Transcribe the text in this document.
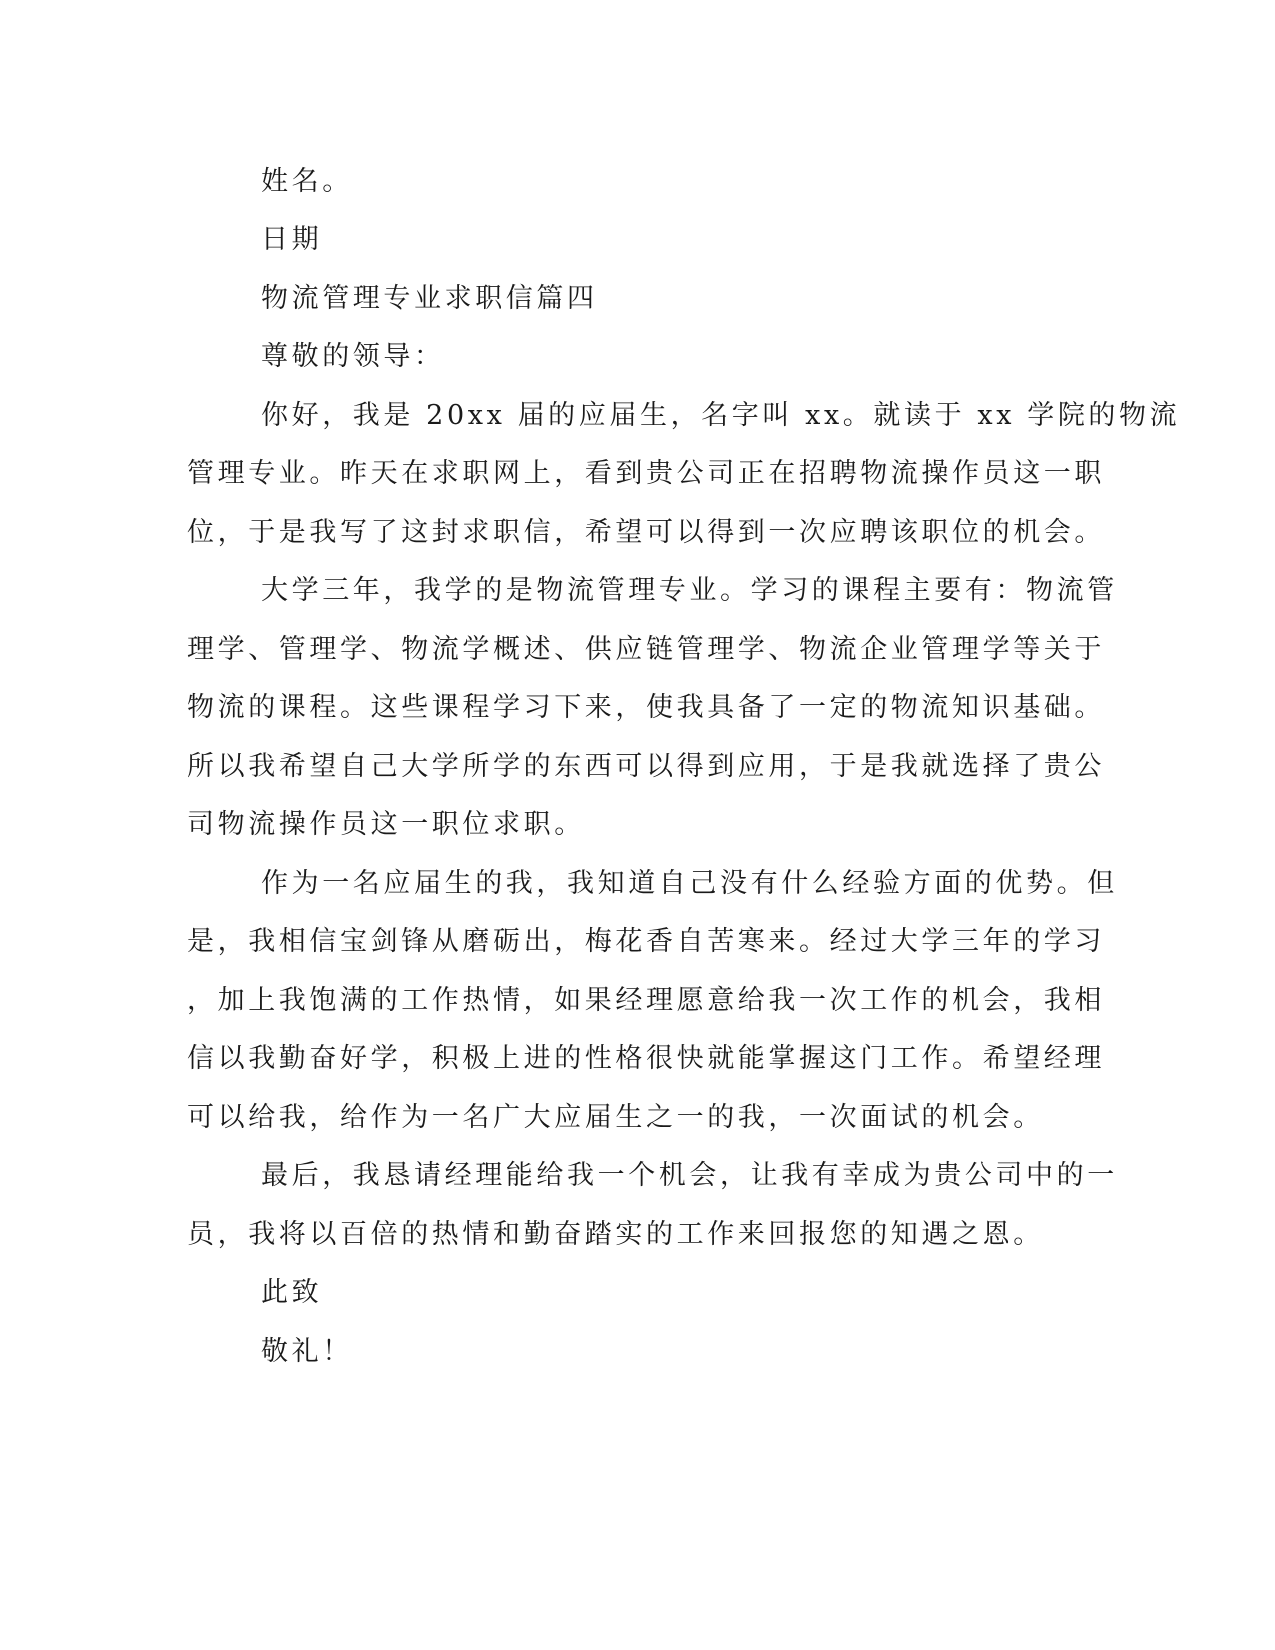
姓名。
日期
物流管理专业求职信篇四
尊敬的领导：
你好，我是 20xx 届的应届生，名字叫 xx。就读于 xx 学院的物流
管理专业。昨天在求职网上，看到贵公司正在招聘物流操作员这一职
位，于是我写了这封求职信，希望可以得到一次应聘该职位的机会。
大学三年，我学的是物流管理专业。学习的课程主要有：物流管
理学、管理学、物流学概述、供应链管理学、物流企业管理学等关于
物流的课程。这些课程学习下来，使我具备了一定的物流知识基础。
所以我希望自己大学所学的东西可以得到应用，于是我就选择了贵公
司物流操作员这一职位求职。
作为一名应届生的我，我知道自己没有什么经验方面的优势。但
是，我相信宝剑锋从磨砺出，梅花香自苦寒来。经过大学三年的学习
，加上我饱满的工作热情，如果经理愿意给我一次工作的机会，我相
信以我勤奋好学，积极上进的性格很快就能掌握这门工作。希望经理
可以给我，给作为一名广大应届生之一的我，一次面试的机会。
最后，我恳请经理能给我一个机会，让我有幸成为贵公司中的一
员，我将以百倍的热情和勤奋踏实的工作来回报您的知遇之恩。
此致
敬礼！
